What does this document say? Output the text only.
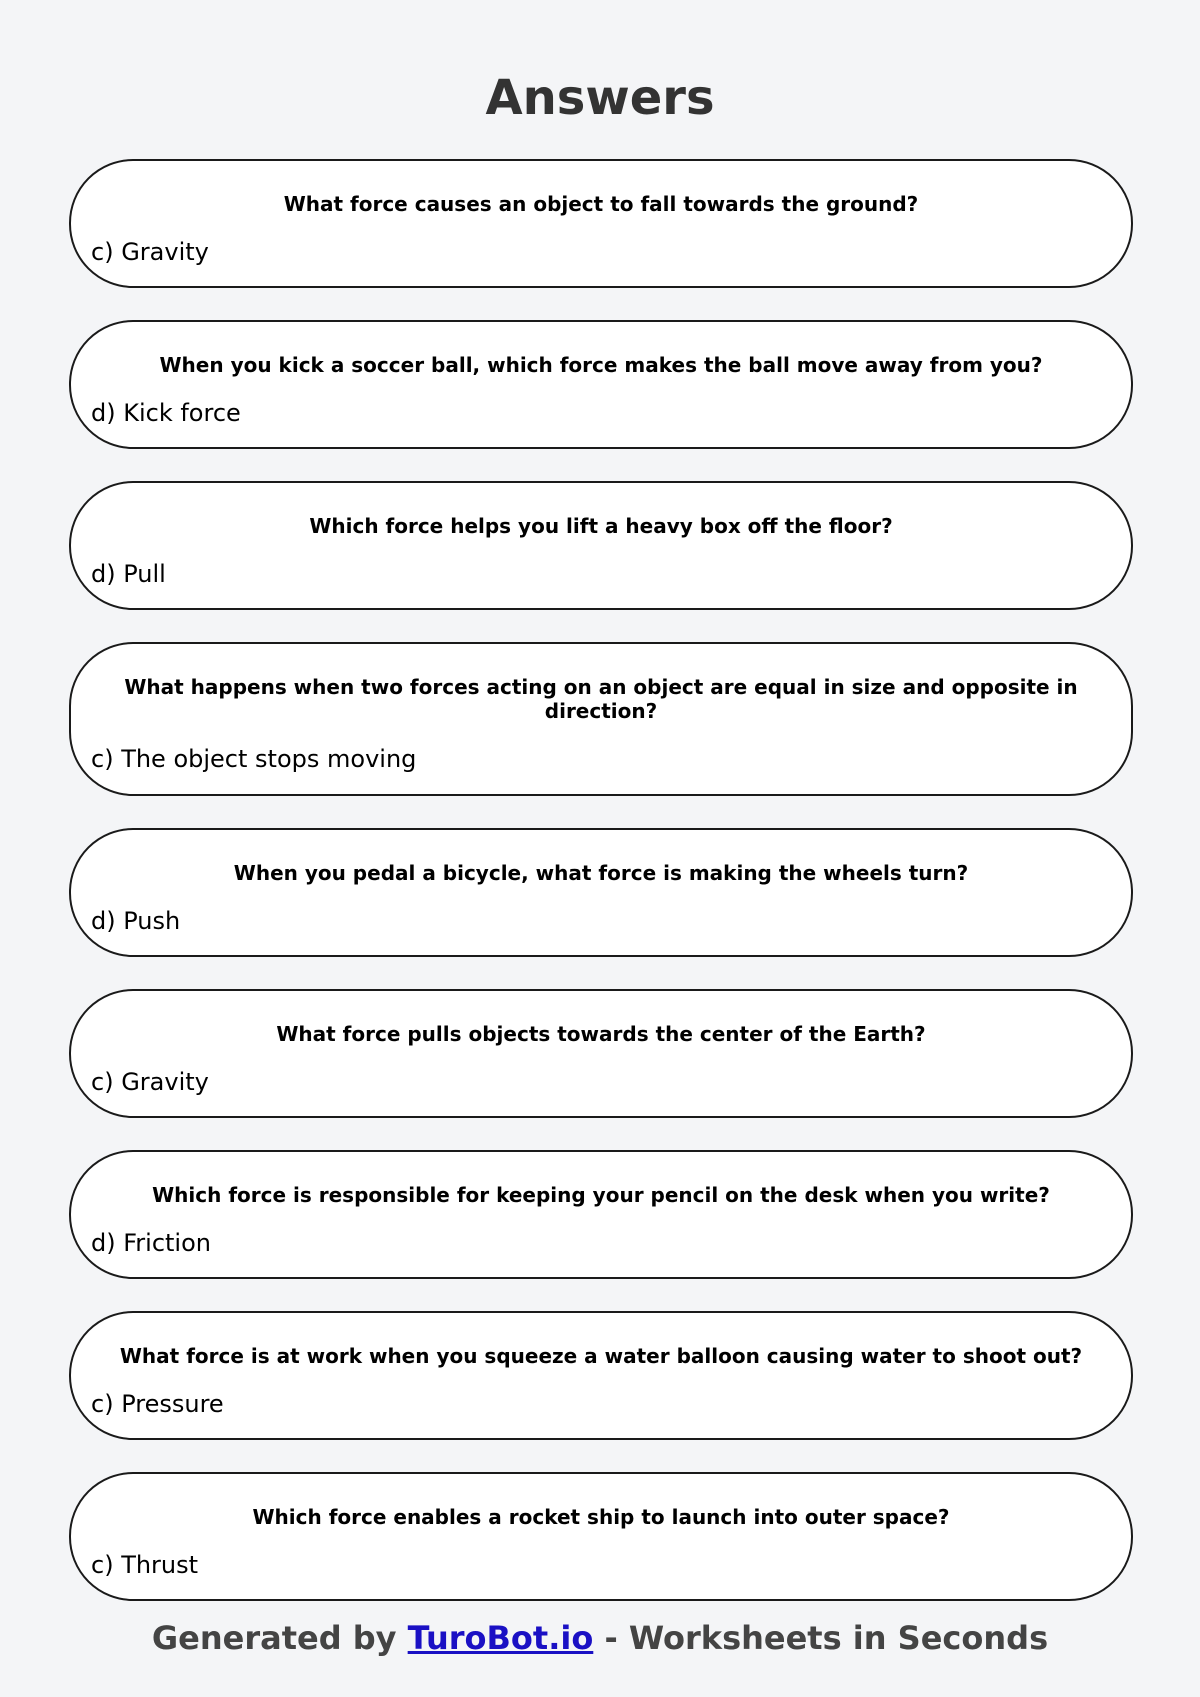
Answers

What force causes an object to fall towards the ground?

c) Gravity

When you kick a soccer ball, which force makes the ball move away from you?

d) Kick force

Which force helps you lift a heavy box off the floor?

d) Pull

What happens when two forces acting on an object are equal in size and opposite in direction?

c) The object stops moving

When you pedal a bicycle, what force is making the wheels turn?

d) Push

What force pulls objects towards the center of the Earth?

c) Gravity

Which force is responsible for keeping your pencil on the desk when you write?

d) Friction

What force is at work when you squeeze a water balloon causing water to shoot out?

c) Pressure

Which force enables a rocket ship to launch into outer space?

c) Thrust

Generated by TuroBot.io - Worksheets in Seconds
